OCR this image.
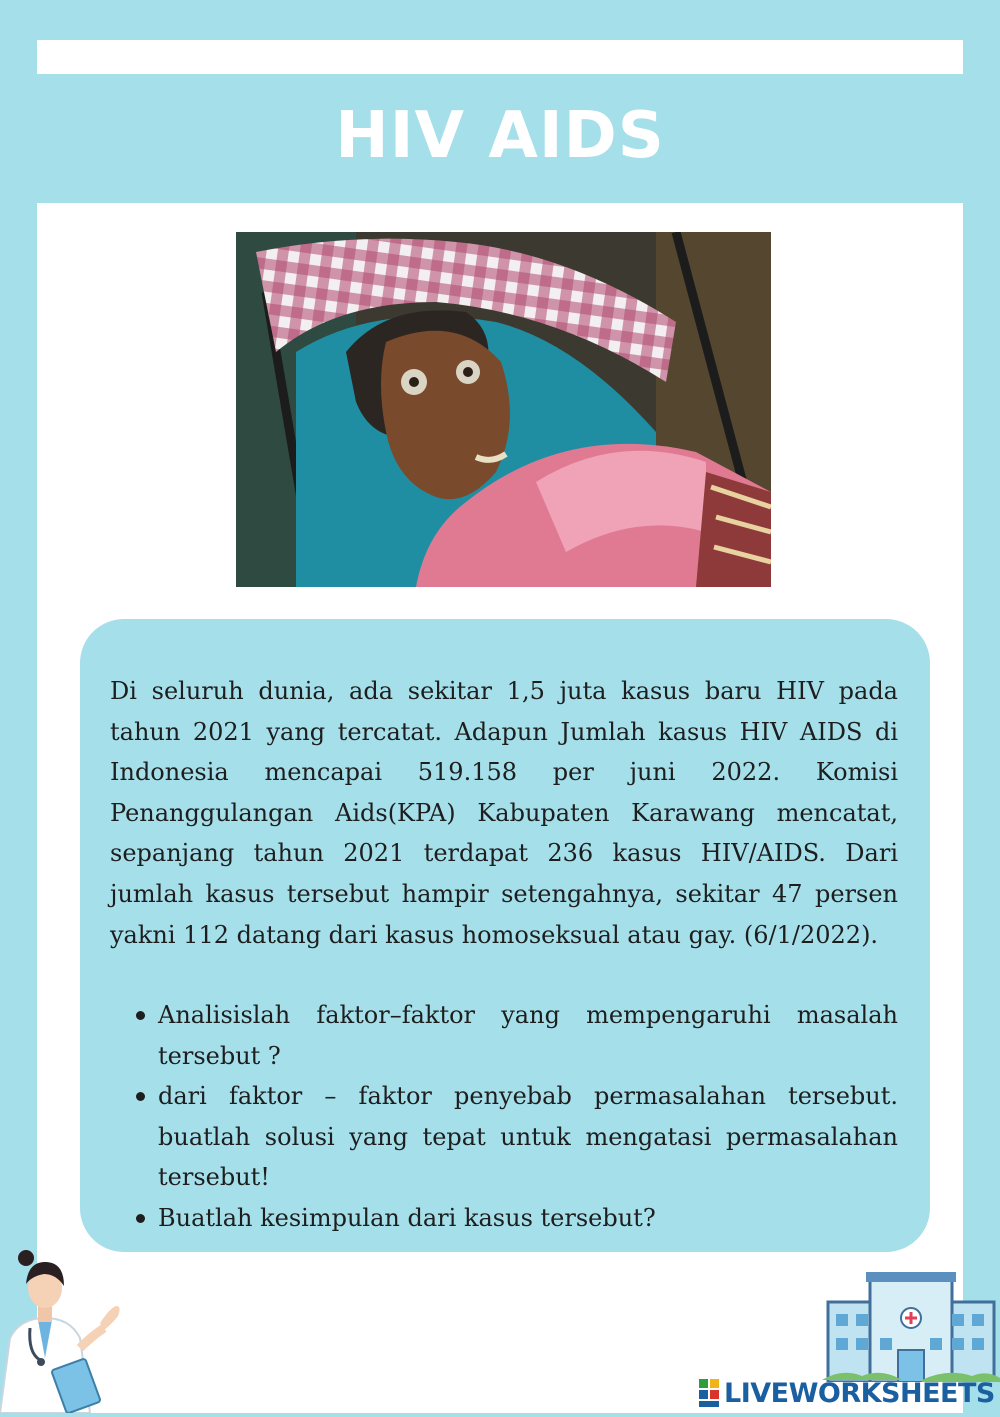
HIV AIDS

Di seluruh dunia, ada sekitar 1,5 juta kasus baru HIV pada tahun 2021 yang tercatat. Adapun Jumlah kasus HIV AIDS di Indonesia mencapai 519.158 per juni 2022. Komisi Penanggulangan Aids(KPA) Kabupaten Karawang mencatat, sepanjang tahun 2021 terdapat 236 kasus HIV/AIDS. Dari jumlah kasus tersebut hampir setengahnya, sekitar 47 persen yakni 112 datang dari kasus homoseksual atau gay. (6/1/2022).

Analisislah faktor–faktor yang mempengaruhi masalah tersebut ?
dari faktor – faktor penyebab permasalahan tersebut. buatlah solusi yang tepat untuk mengatasi permasalahan tersebut!
Buatlah kesimpulan dari kasus tersebut?
LIVEWORKSHEETS
